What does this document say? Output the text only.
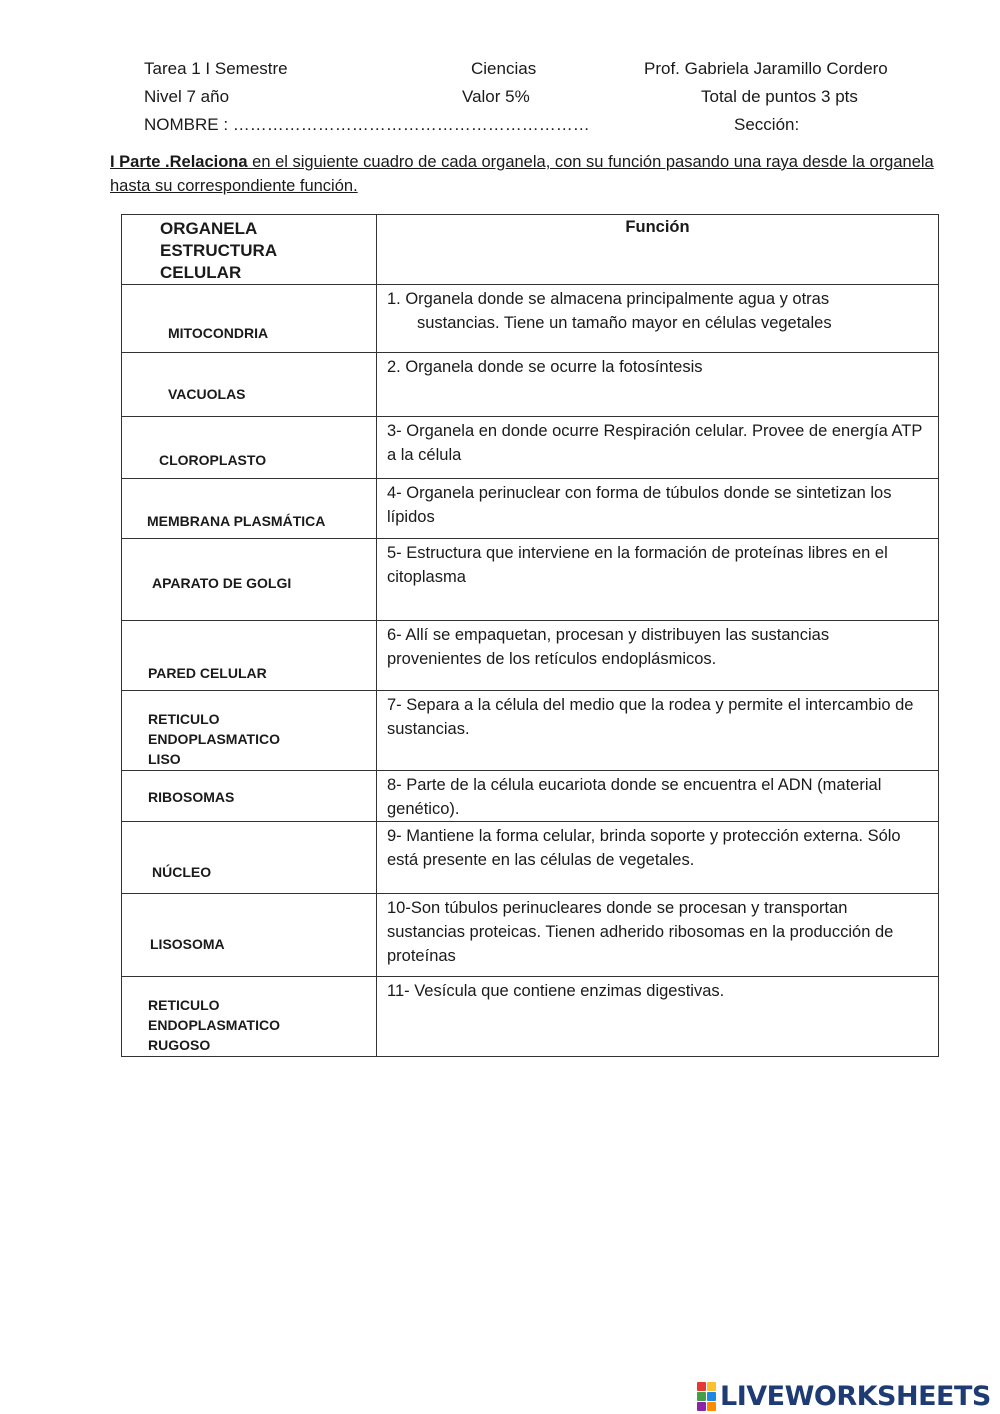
Tarea 1 I Semestre	Ciencias	Prof. Gabriela Jaramillo Cordero
Nivel 7 año	Valor 5%	Total de puntos 3 pts
NOMBRE : ………………………………………………………	Sección:
I Parte .Relaciona en el siguiente cuadro de cada organela, con su función pasando una raya desde la organela hasta su correspondiente función.
ORGANELA
ESTRUCTURA
CELULAR	Función

MITOCONDRIA	1. Organela donde se almacena principalmente agua y otras
sustancias. Tiene un tamaño mayor en células vegetales

VACUOLAS	2. Organela donde se ocurre la fotosíntesis

CLOROPLASTO	3- Organela en donde ocurre Respiración celular. Provee de energía ATP a la célula

MEMBRANA PLASMÁTICA	4- Organela perinuclear con forma de túbulos donde se sintetizan los lípidos

APARATO DE GOLGI	5- Estructura que interviene en la formación de proteínas libres en el citoplasma

PARED CELULAR	6- Allí se empaquetan, procesan y distribuyen las sustancias provenientes de los retículos endoplásmicos.

RETICULO
ENDOPLASMATICO
LISO	7- Separa a la célula del medio que la rodea y permite el intercambio de sustancias.

RIBOSOMAS	8- Parte de la célula eucariota donde se encuentra el ADN (material genético).

NÚCLEO	9- Mantiene la forma celular, brinda soporte y protección externa. Sólo está presente en las células de vegetales.

LISOSOMA	10-Son túbulos perinucleares donde se procesan y transportan sustancias proteicas. Tienen adherido ribosomas en la producción de proteínas

RETICULO
ENDOPLASMATICO
RUGOSO	11- Vesícula que contiene enzimas digestivas.
LIVEWORKSHEETS
